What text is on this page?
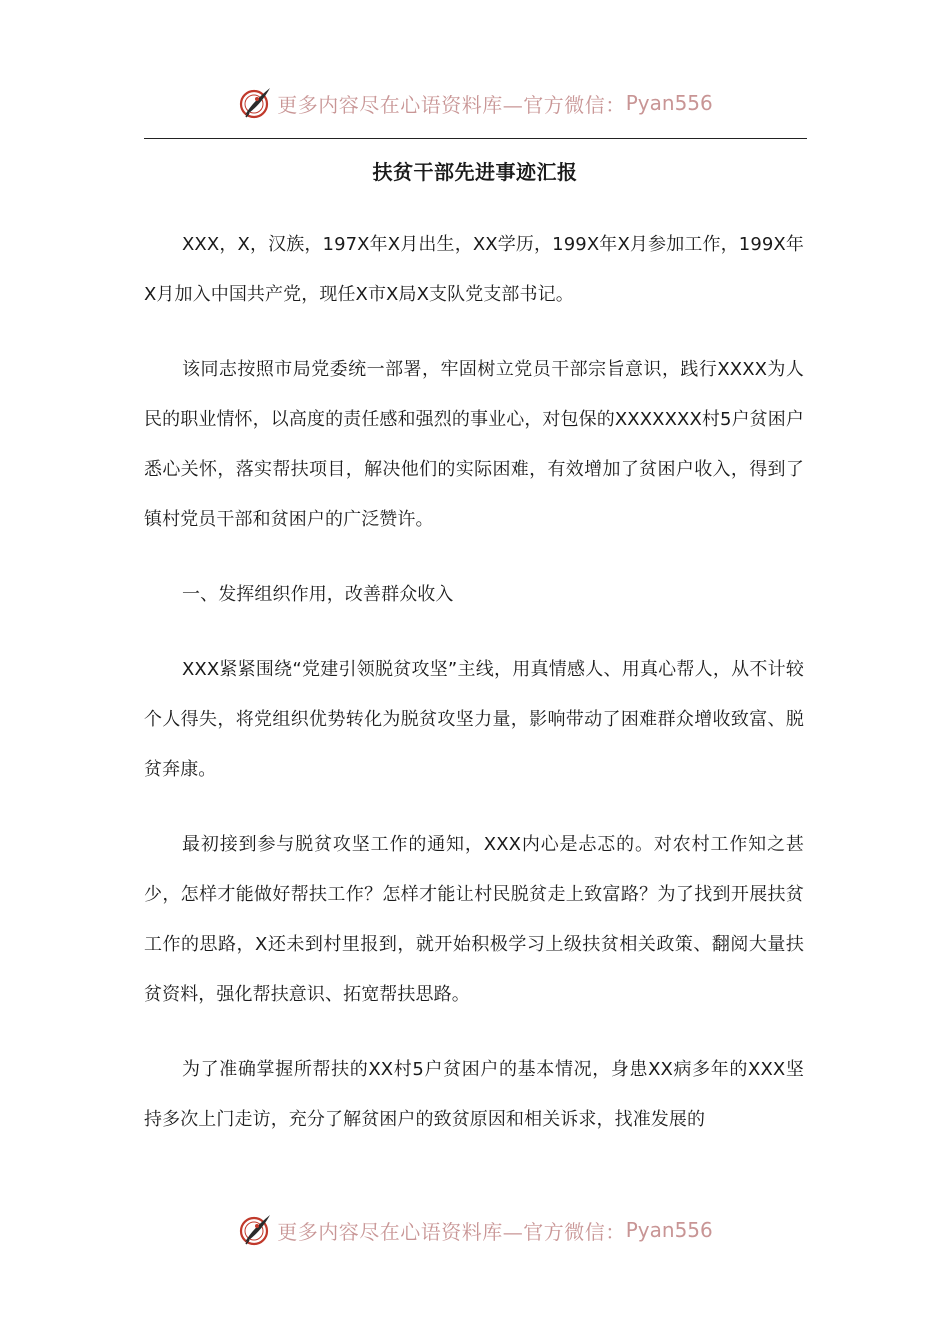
更多内容尽在心语资料库—官方微信： Pyan556
扶贫干部先进事迹汇报

XXX，X，汉族，197X年X月出生，XX学历，199X年X月参加工作，199X年X月加入中国共产党，现任X市X局X支队党支部书记。

该同志按照市局党委统一部署，牢固树立党员干部宗旨意识，践行XXXX为人民的职业情怀，以高度的责任感和强烈的事业心，对包保的XXXXXXX村5户贫困户悉心关怀，落实帮扶项目，解决他们的实际困难，有效增加了贫困户收入，得到了镇村党员干部和贫困户的广泛赞许。

一、发挥组织作用，改善群众收入

XXX紧紧围绕“党建引领脱贫攻坚”主线，用真情感人、用真心帮人，从不计较个人得失，将党组织优势转化为脱贫攻坚力量，影响带动了困难群众增收致富、脱贫奔康。

最初接到参与脱贫攻坚工作的通知，XXX内心是忐忑的。对农村工作知之甚少，怎样才能做好帮扶工作？怎样才能让村民脱贫走上致富路？为了找到开展扶贫工作的思路，X还未到村里报到，就开始积极学习上级扶贫相关政策、翻阅大量扶贫资料，强化帮扶意识、拓宽帮扶思路。

为了准确掌握所帮扶的XX村5户贫困户的基本情况，身患XX病多年的XXX坚持多次上门走访，充分了解贫困户的致贫原因和相关诉求，找准发展的

更多内容尽在心语资料库—官方微信： Pyan556
